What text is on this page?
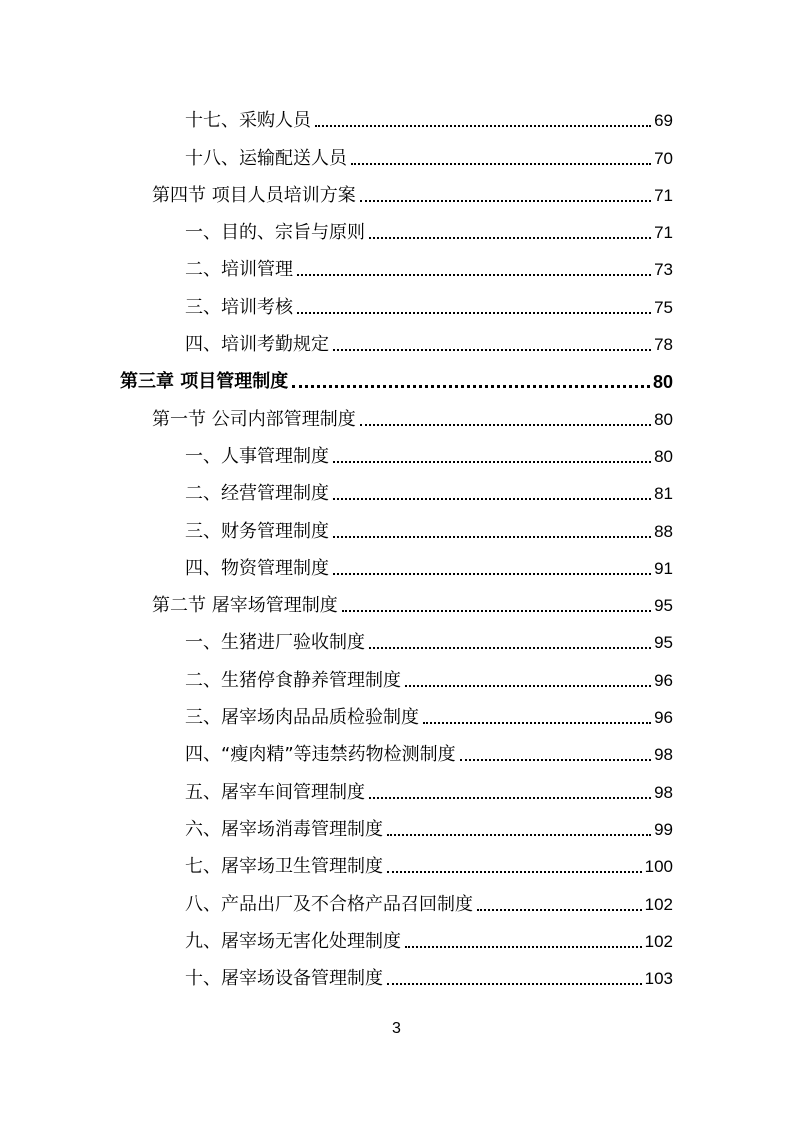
十七、采购人员	69
十八、运输配送人员	70
第四节 项目人员培训方案	71
一、目的、宗旨与原则	71
二、培训管理	73
三、培训考核	75
四、培训考勤规定	78
第三章 项目管理制度	80
第一节 公司内部管理制度	80
一、人事管理制度	80
二、经营管理制度	81
三、财务管理制度	88
四、物资管理制度	91
第二节 屠宰场管理制度	95
一、生猪进厂验收制度	95
二、生猪停食静养管理制度	96
三、屠宰场肉品品质检验制度	96
四、“瘦肉精”等违禁药物检测制度	98
五、屠宰车间管理制度	98
六、屠宰场消毒管理制度	99
七、屠宰场卫生管理制度	100
八、产品出厂及不合格产品召回制度	102
九、屠宰场无害化处理制度	102
十、屠宰场设备管理制度	103
3
